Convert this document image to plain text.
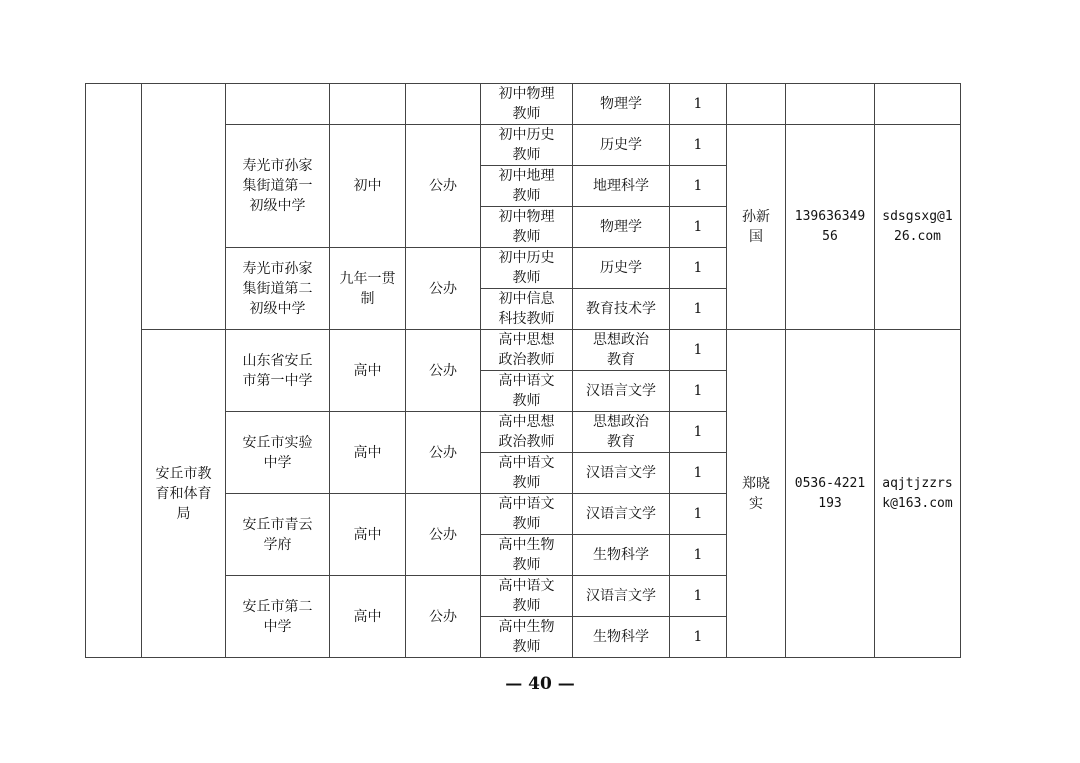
					初中物理教师	物理学	1			

		寿光市孙家集街道第一初级中学	初中	公办	初中历史教师	历史学	1	孙新国	13963634956	sdsgsxg@126.com

					初中地理教师	地理科学	1			

					初中物理教师	物理学	1			

		寿光市孙家集街道第二初级中学	九年一贯制	公办	初中历史教师	历史学	1			

					初中信息科技教师	教育技术学	1			

	安丘市教育和体育局	山东省安丘市第一中学	高中	公办	高中思想政治教师	思想政治教育	1	郑晓实	0536-4221193	aqjtjzzrsk@163.com

					高中语文教师	汉语言文学	1			

		安丘市实验中学	高中	公办	高中思想政治教师	思想政治教育	1			

					高中语文教师	汉语言文学	1			

		安丘市青云学府	高中	公办	高中语文教师	汉语言文学	1			

					高中生物教师	生物科学	1			

		安丘市第二中学	高中	公办	高中语文教师	汉语言文学	1			

					高中生物教师	生物科学	1			
— 40 —
